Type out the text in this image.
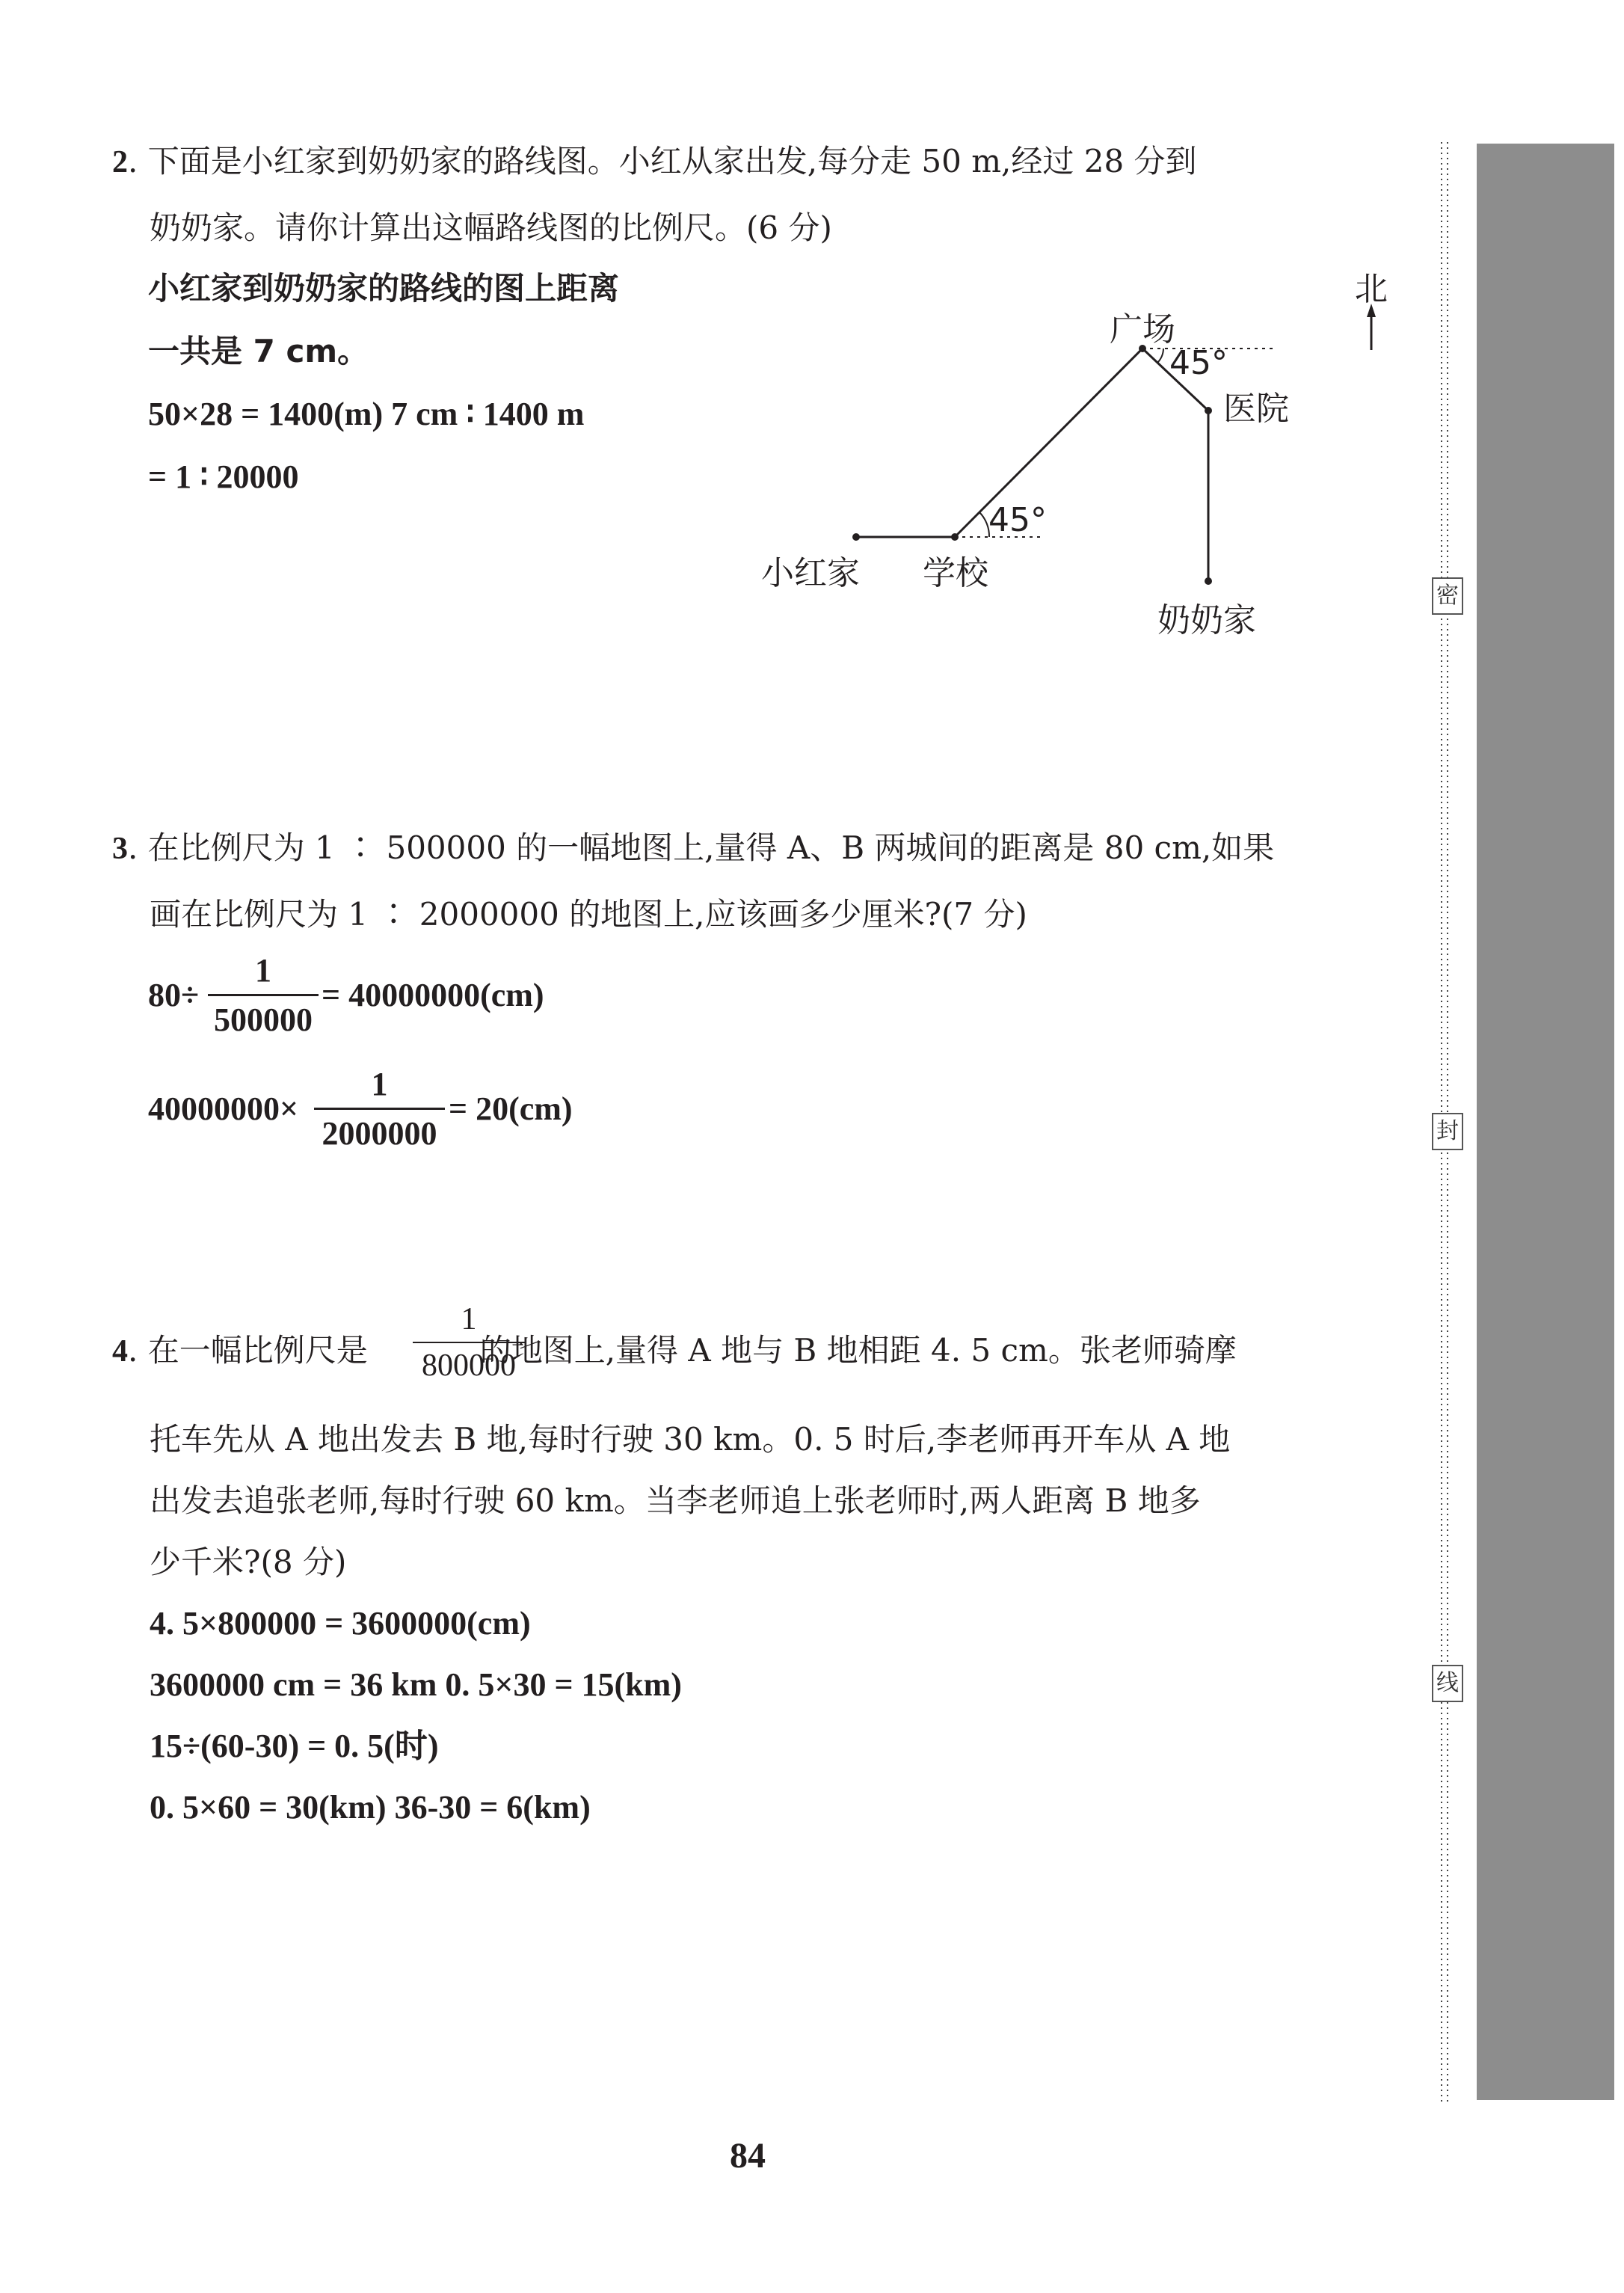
2. 下面是小红家到奶奶家的路线图。小红从家出发,每分走 50 m,经过 28 分到
奶奶家。请你计算出这幅路线图的比例尺。(6 分)
小红家到奶奶家的路线的图上距离
一共是 7 cm。
50×28 = 1400(m) 7 cm ∶ 1400 m
= 1 ∶ 20000
北
广场
45°
医院
45°
小红家 学校
奶奶家
3. 在比例尺为 1 ∶ 500000 的一幅地图上,量得 A、B 两城间的距离是 80 cm,如果
画在比例尺为 1 ∶ 2000000 的地图上,应该画多少厘米?(7 分)
80÷
1
500000
= 40000000(cm)
40000000×
1
2000000
= 20(cm)
4. 在一幅比例尺是	的地图上,量得 A 地与 B 地相距 4. 5 cm。张老师骑摩
1
800000
托车先从 A 地出发去 B 地,每时行驶 30 km。0. 5 时后,李老师再开车从 A 地
出发去追张老师,每时行驶 60 km。当李老师追上张老师时,两人距离 B 地多
少千米?(8 分)
4. 5×800000 = 3600000(cm)
3600000 cm = 36 km 0. 5×30 = 15(km)
15÷(60-30) = 0. 5(时)
0. 5×60 = 30(km) 36-30 = 6(km)
84
密
封
线
